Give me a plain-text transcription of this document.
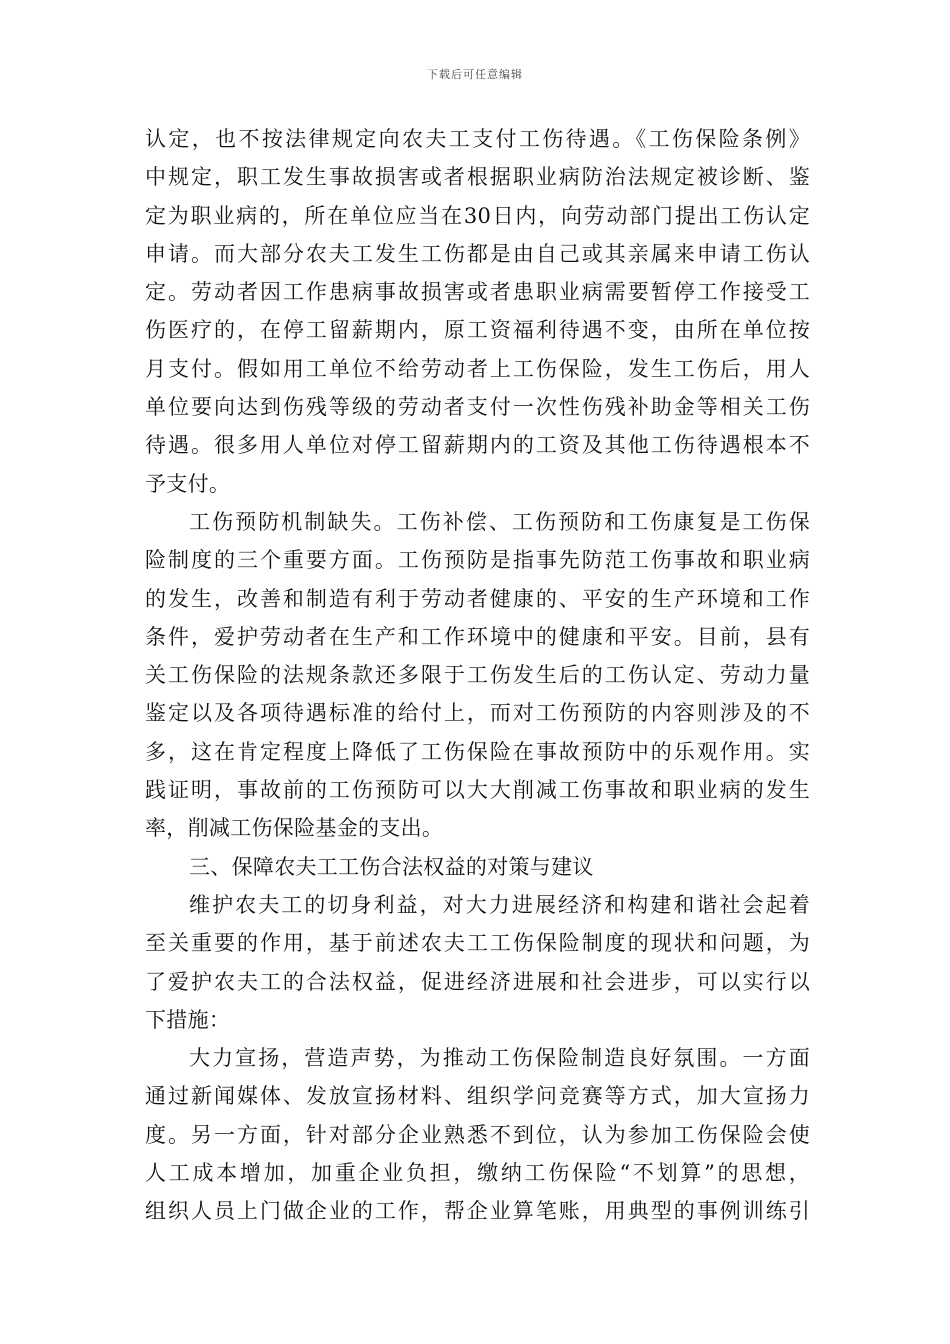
下载后可任意编辑
认定，也不按法律规定向农夫工支付工伤待遇。《工伤保险条例》
中规定，职工发生事故损害或者根据职业病防治法规定被诊断、鉴
定为职业病的，所在单位应当在30日内，向劳动部门提出工伤认定
申请。而大部分农夫工发生工伤都是由自己或其亲属来申请工伤认
定。劳动者因工作患病事故损害或者患职业病需要暂停工作接受工
伤医疗的，在停工留薪期内，原工资福利待遇不变，由所在单位按
月支付。假如用工单位不给劳动者上工伤保险，发生工伤后，用人
单位要向达到伤残等级的劳动者支付一次性伤残补助金等相关工伤
待遇。很多用人单位对停工留薪期内的工资及其他工伤待遇根本不
予支付。
工伤预防机制缺失。工伤补偿、工伤预防和工伤康复是工伤保
险制度的三个重要方面。工伤预防是指事先防范工伤事故和职业病
的发生，改善和制造有利于劳动者健康的、平安的生产环境和工作
条件，爱护劳动者在生产和工作环境中的健康和平安。目前，县有
关工伤保险的法规条款还多限于工伤发生后的工伤认定、劳动力量
鉴定以及各项待遇标准的给付上，而对工伤预防的内容则涉及的不
多，这在肯定程度上降低了工伤保险在事故预防中的乐观作用。实
践证明，事故前的工伤预防可以大大削减工伤事故和职业病的发生
率，削减工伤保险基金的支出。
三、保障农夫工工伤合法权益的对策与建议
维护农夫工的切身利益，对大力进展经济和构建和谐社会起着
至关重要的作用，基于前述农夫工工伤保险制度的现状和问题，为
了爱护农夫工的合法权益，促进经济进展和社会进步，可以实行以
下措施：
大力宣扬，营造声势，为推动工伤保险制造良好氛围。一方面
通过新闻媒体、发放宣扬材料、组织学问竞赛等方式，加大宣扬力
度。另一方面，针对部分企业熟悉不到位，认为参加工伤保险会使
人工成本增加，加重企业负担，缴纳工伤保险“不划算”的思想，
组织人员上门做企业的工作，帮企业算笔账，用典型的事例训练引
